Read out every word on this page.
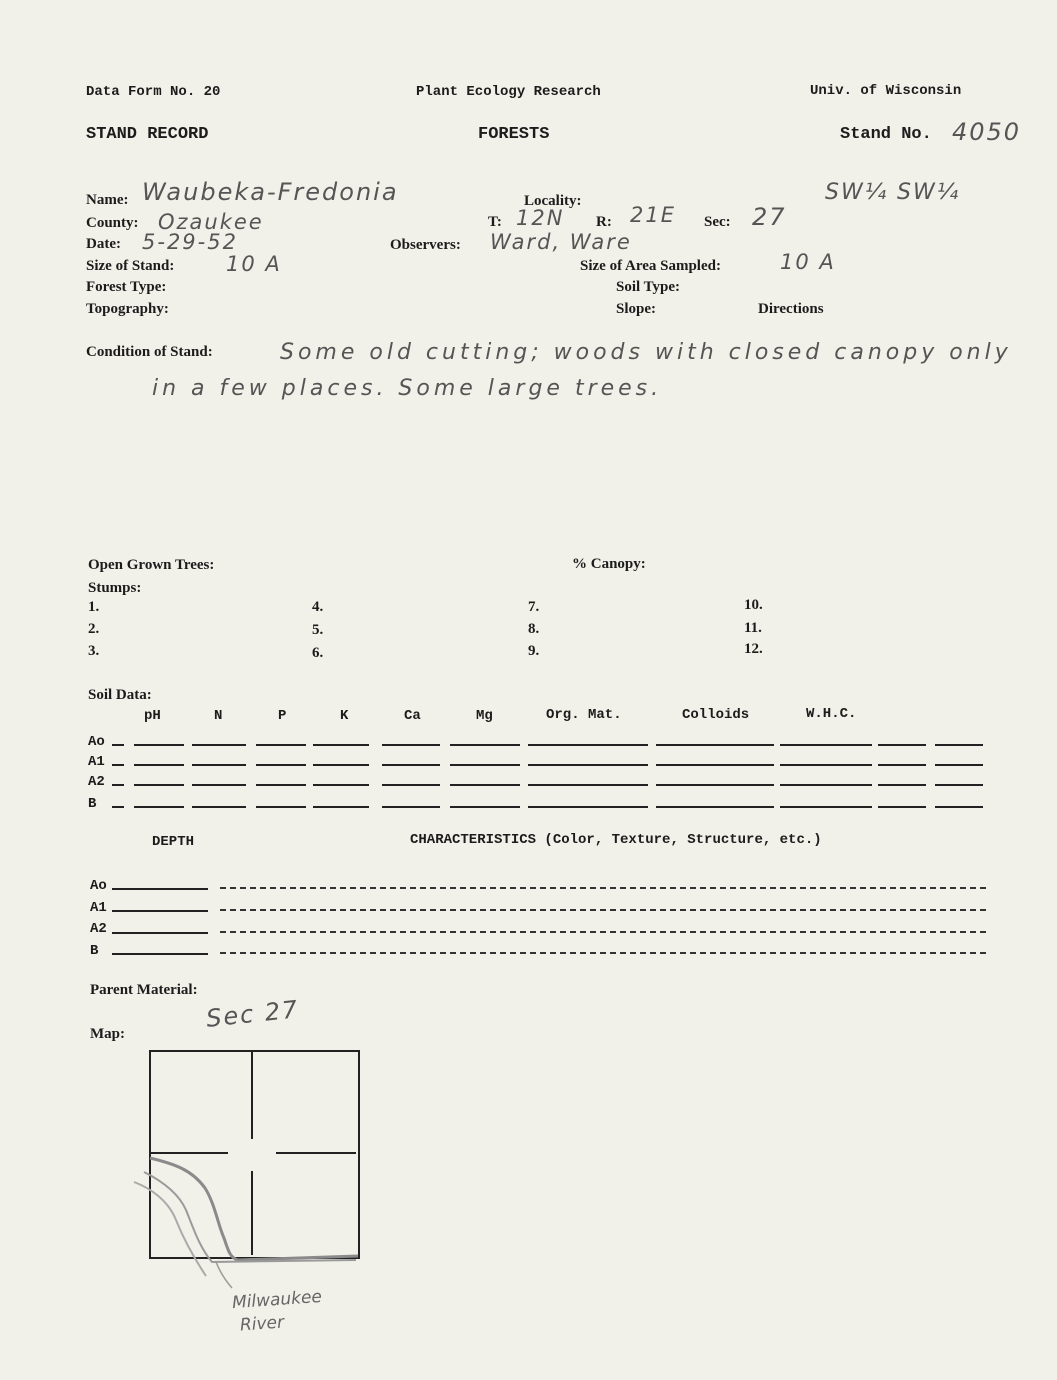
Data Form No. 20	Plant Ecology Research	Univ. of Wisconsin
STAND RECORD	FORESTS	Stand No. 4050
Name: Waubeka-Fredonia	Locality:	SW¼ SW¼
County: Ozaukee	T: 12N R: 21E Sec: 27
Date: 5-29-52	Observers: Ward, Ware
Size of Stand: 10 A	Size of Area Sampled:	10 A
Forest Type:	Soil Type:
Topography:	Slope:	Directions
Condition of Stand:	Some old cutting; woods with closed canopy only
in a few places. Some large trees.
Open Grown Trees:	% Canopy:
Stumps:
1.
2.
3.
4.
5.
6.
7.
8.
9.
10.
11.
12.
Soil Data:
pH	N	P	K	Ca	Mg	Org. Mat.	Colloids	W.H.C.
Ao
A1
A2
B
DEPTH	CHARACTERISTICS (Color, Texture, Structure, etc.)
Ao
A1
A2
B
Parent Material:
Map:
Sec 27
Milwaukee
River
